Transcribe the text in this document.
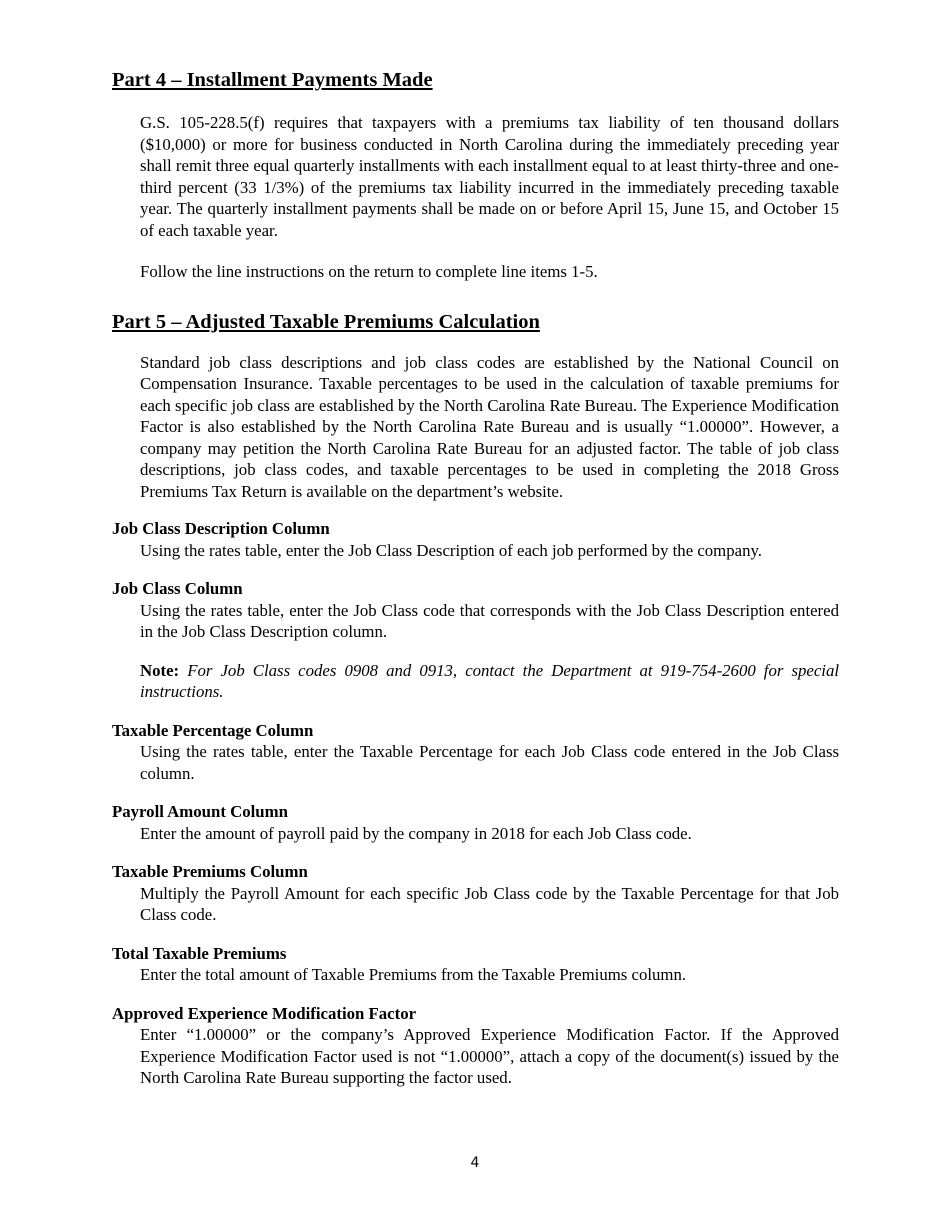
Part 4 – Installment Payments Made

G.S. 105-228.5(f) requires that taxpayers with a premiums tax liability of ten thousand dollars ($10,000) or more for business conducted in North Carolina during the immediately preceding year shall remit three equal quarterly installments with each installment equal to at least thirty-three and one-third percent (33 1/3%) of the premiums tax liability incurred in the immediately preceding taxable year. The quarterly installment payments shall be made on or before April 15, June 15, and October 15 of each taxable year.

Follow the line instructions on the return to complete line items 1-5.

Part 5 – Adjusted Taxable Premiums Calculation

Standard job class descriptions and job class codes are established by the National Council on Compensation Insurance. Taxable percentages to be used in the calculation of taxable premiums for each specific job class are established by the North Carolina Rate Bureau. The Experience Modification Factor is also established by the North Carolina Rate Bureau and is usually “1.00000”. However, a company may petition the North Carolina Rate Bureau for an adjusted factor. The table of job class descriptions, job class codes, and taxable percentages to be used in completing the 2018 Gross Premiums Tax Return is available on the department’s website.

Job Class Description Column

Using the rates table, enter the Job Class Description of each job performed by the company.

Job Class Column

Using the rates table, enter the Job Class code that corresponds with the Job Class Description entered in the Job Class Description column.

Note: For Job Class codes 0908 and 0913, contact the Department at 919-754-2600 for special instructions.

Taxable Percentage Column

Using the rates table, enter the Taxable Percentage for each Job Class code entered in the Job Class column.

Payroll Amount Column

Enter the amount of payroll paid by the company in 2018 for each Job Class code.

Taxable Premiums Column

Multiply the Payroll Amount for each specific Job Class code by the Taxable Percentage for that Job Class code.

Total Taxable Premiums

Enter the total amount of Taxable Premiums from the Taxable Premiums column.

Approved Experience Modification Factor

Enter “1.00000” or the company’s Approved Experience Modification Factor. If the Approved Experience Modification Factor used is not “1.00000”, attach a copy of the document(s) issued by the North Carolina Rate Bureau supporting the factor used.

4
